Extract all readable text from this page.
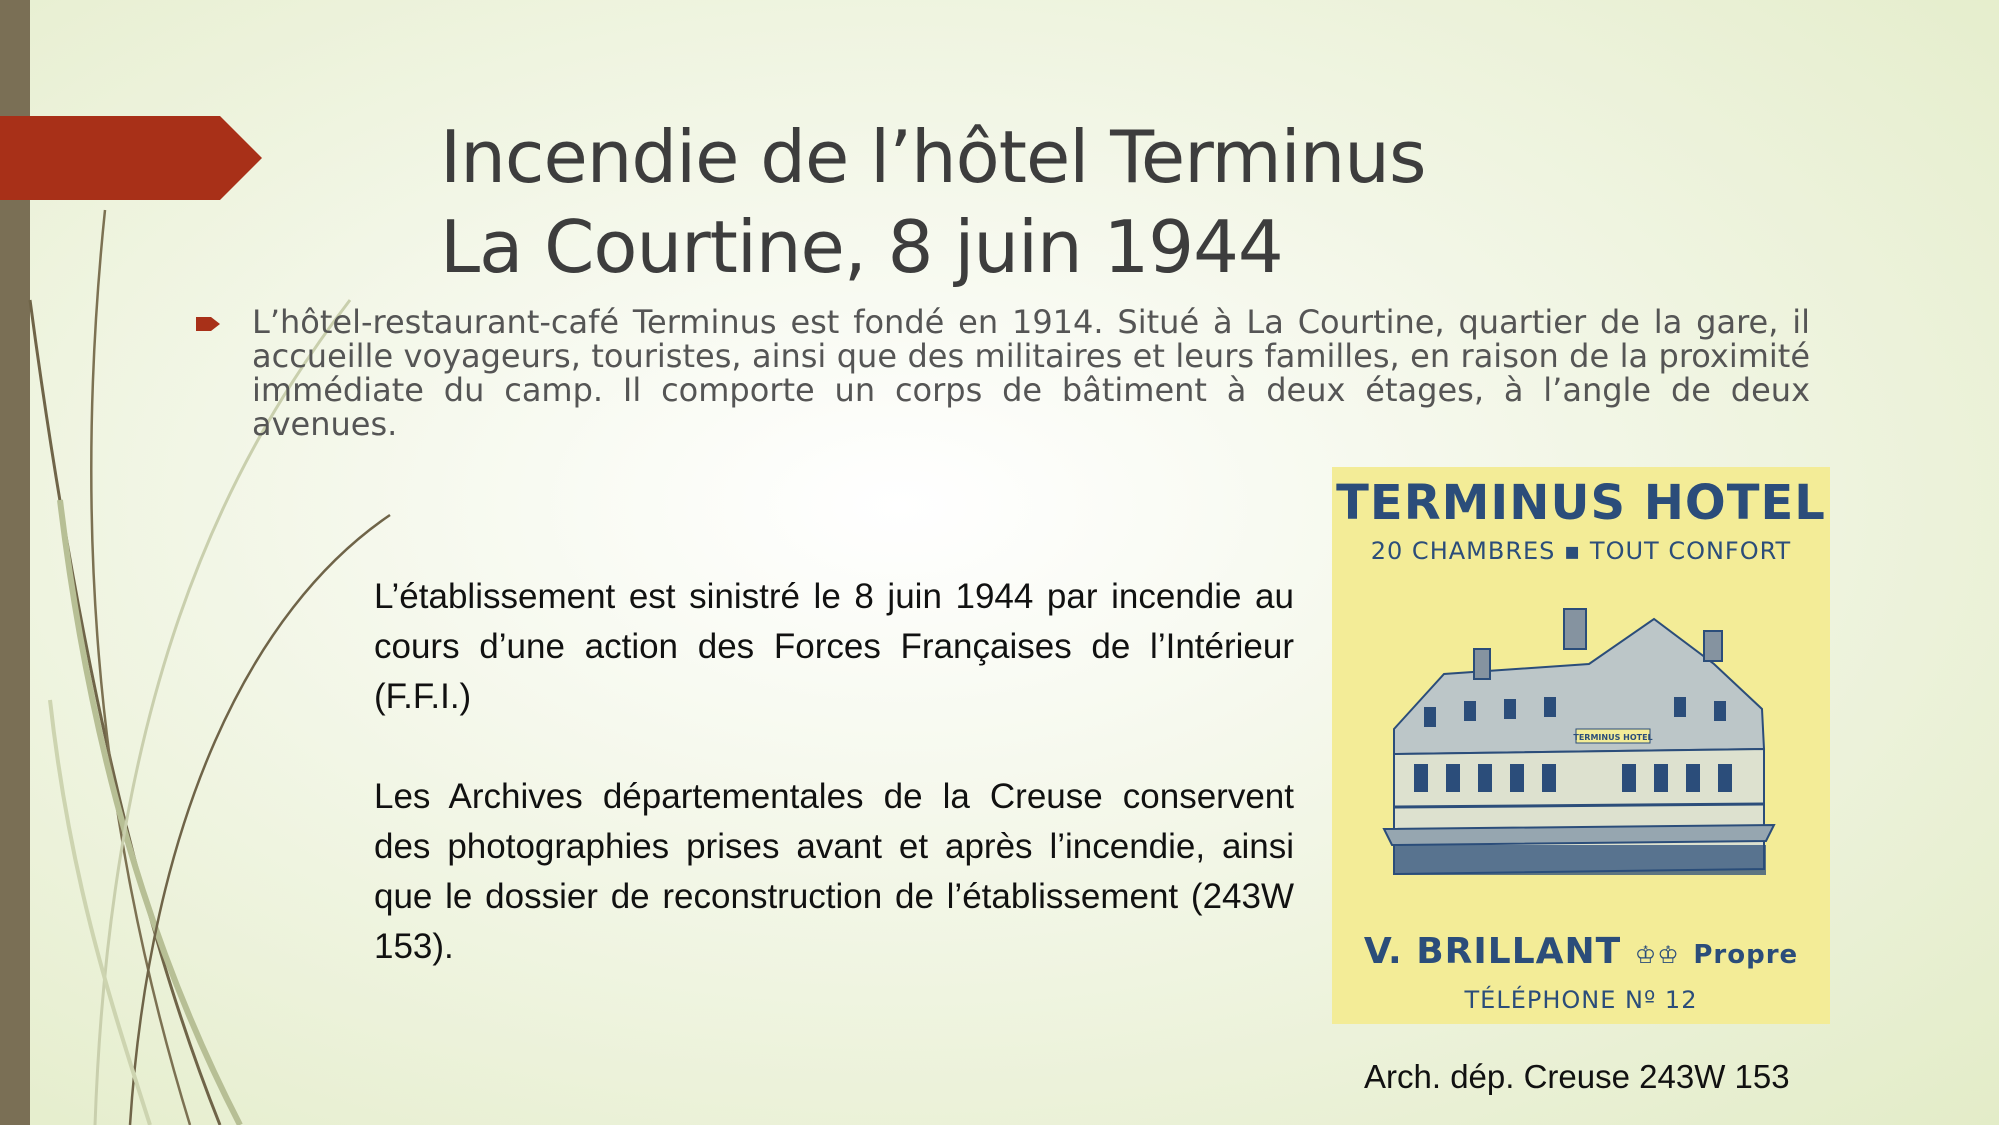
Incendie de l’hôtel Terminus
La Courtine, 8 juin 1944

L’hôtel-restaurant-café Terminus est fondé en 1914. Situé à La Courtine, quartier de la gare, il accueille voyageurs, touristes, ainsi que des militaires et leurs familles, en raison de la proximité immédiate du camp. Il comporte un corps de bâtiment à deux étages, à l’angle de deux avenues.

L’établissement est sinistré le 8 juin 1944 par incendie au cours d’une action des Forces Françaises de l’Intérieur (F.F.I.)

Les Archives départementales de la Creuse conservent des photographies prises avant et après l’incendie, ainsi que le dossier de reconstruction de l’établissement (243W 153).

TERMINUS HOTEL
20 CHAMBRES ▪ TOUT CONFORT
TERMINUS HOTEL
V. BRILLANT ♔♔ Propre
TÉLÉPHONE Nº 12
Arch. dép. Creuse 243W 153
